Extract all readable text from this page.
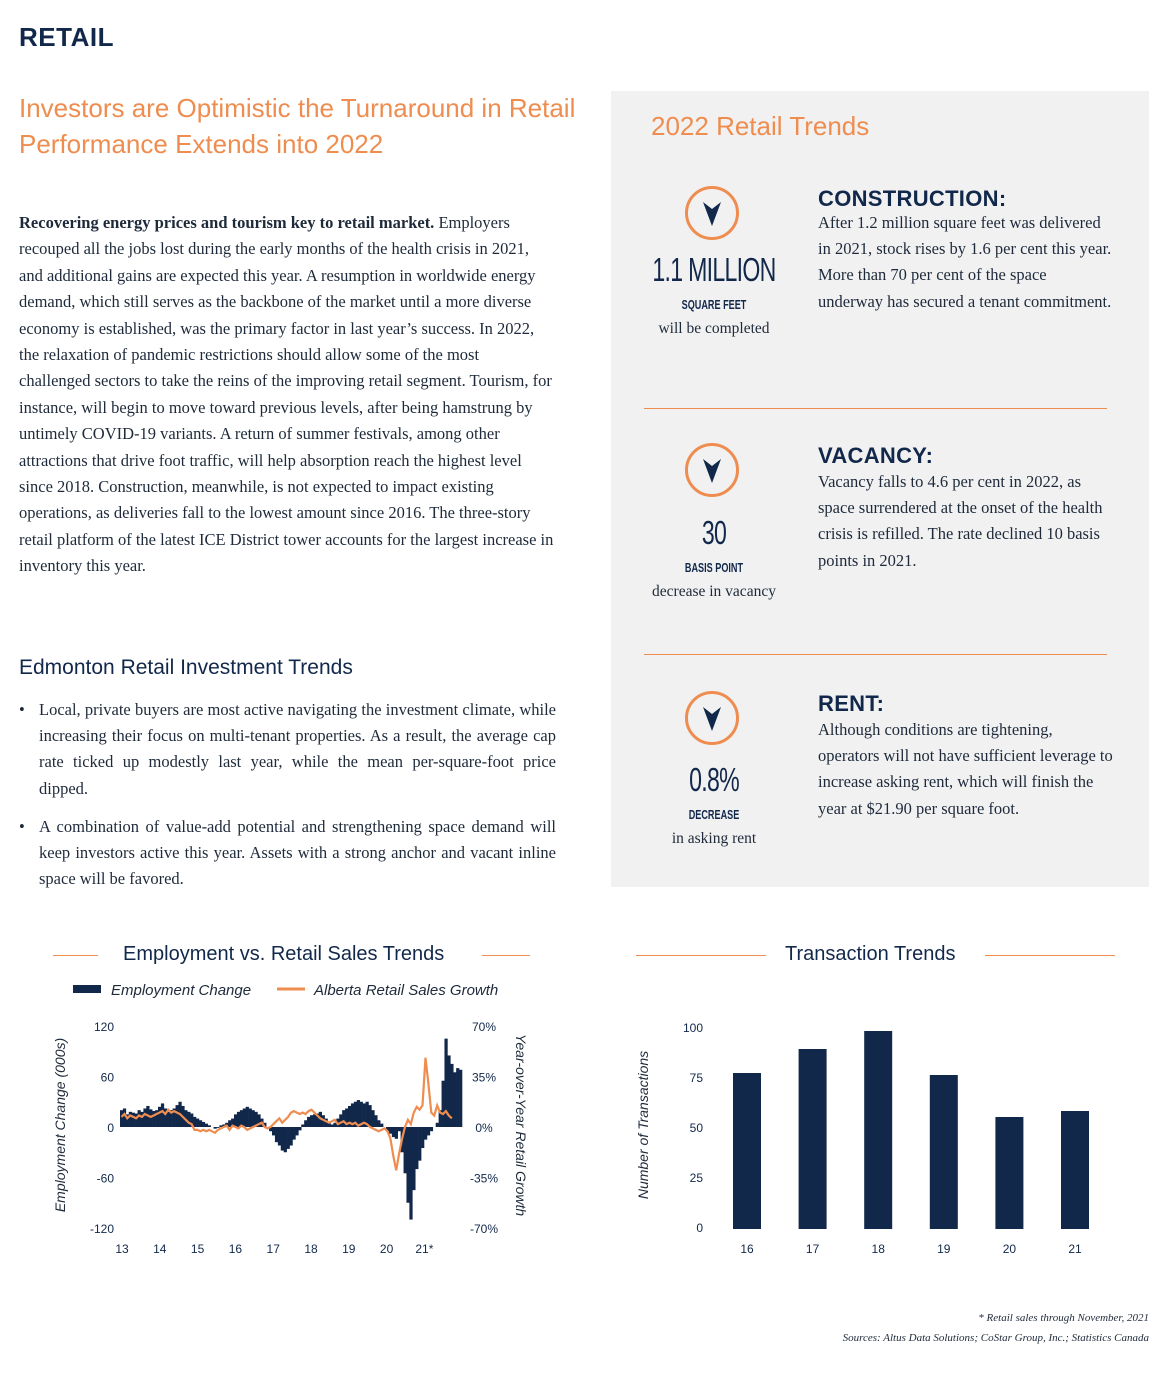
RETAIL
Investors are Optimistic the Turnaround in Retail Performance Extends into 2022

Recovering energy prices and tourism key to retail market. Employers recouped all the jobs lost during the early months of the health crisis in 2021, and additional gains are expected this year. A resumption in worldwide energy demand, which still serves as the backbone of the market until a more diverse economy is established, was the primary factor in last year’s success. In 2022, the relaxation of pandemic restrictions should allow some of the most challenged sectors to take the reins of the improving retail segment. Tourism, for instance, will begin to move toward previous levels, after being hamstrung by untimely COVID-19 variants. A return of summer festivals, among other attractions that drive foot traffic, will help absorption reach the highest level since 2018. Construction, meanwhile, is not expected to impact existing operations, as deliveries fall to the lowest amount since 2016. The three-story retail platform of the latest ICE District tower accounts for the largest increase in inventory this year.

Edmonton Retail Investment Trends
• Local, private buyers are most active navigating the investment climate, while increasing their focus on multi-tenant properties. As a result, the average cap rate ticked up modestly last year, while the mean per-square-foot price dipped.
• A combination of value-add potential and strengthening space demand will keep investors active this year. Assets with a strong anchor and vacant inline space will be favored.
2022 Retail Trends
1.1 MILLION
SQUARE FEET
will be completed
CONSTRUCTION:
After 1.2 million square feet was delivered in 2021, stock rises by 1.6 per cent this year. More than 70 per cent of the space underway has secured a tenant commitment.
30
BASIS POINT
decrease in vacancy
VACANCY:
Vacancy falls to 4.6 per cent in 2022, as space surrendered at the onset of the health crisis is refilled. The rate declined 10 basis points in 2021.
0.8%
DECREASE
in asking rent
RENT:
Although conditions are tightening, operators will not have sufficient leverage to increase asking rent, which will finish the year at $21.90 per square foot.
Employment vs. Retail Sales Trends	Transaction Trends
Employment Change	Alberta Retail Sales Growth
120
60
0
-60
-120
70%
35%
0%
-35%
-70%
13 14 15 16 17 18 19 20 21*
Employment Change (000s)	Year-over-Year Retail Growth
100
75
50
25
0
16	17	18	19	20	21
Number of Transactions
* Retail sales through November, 2021
Sources: Altus Data Solutions; CoStar Group, Inc.; Statistics Canada
